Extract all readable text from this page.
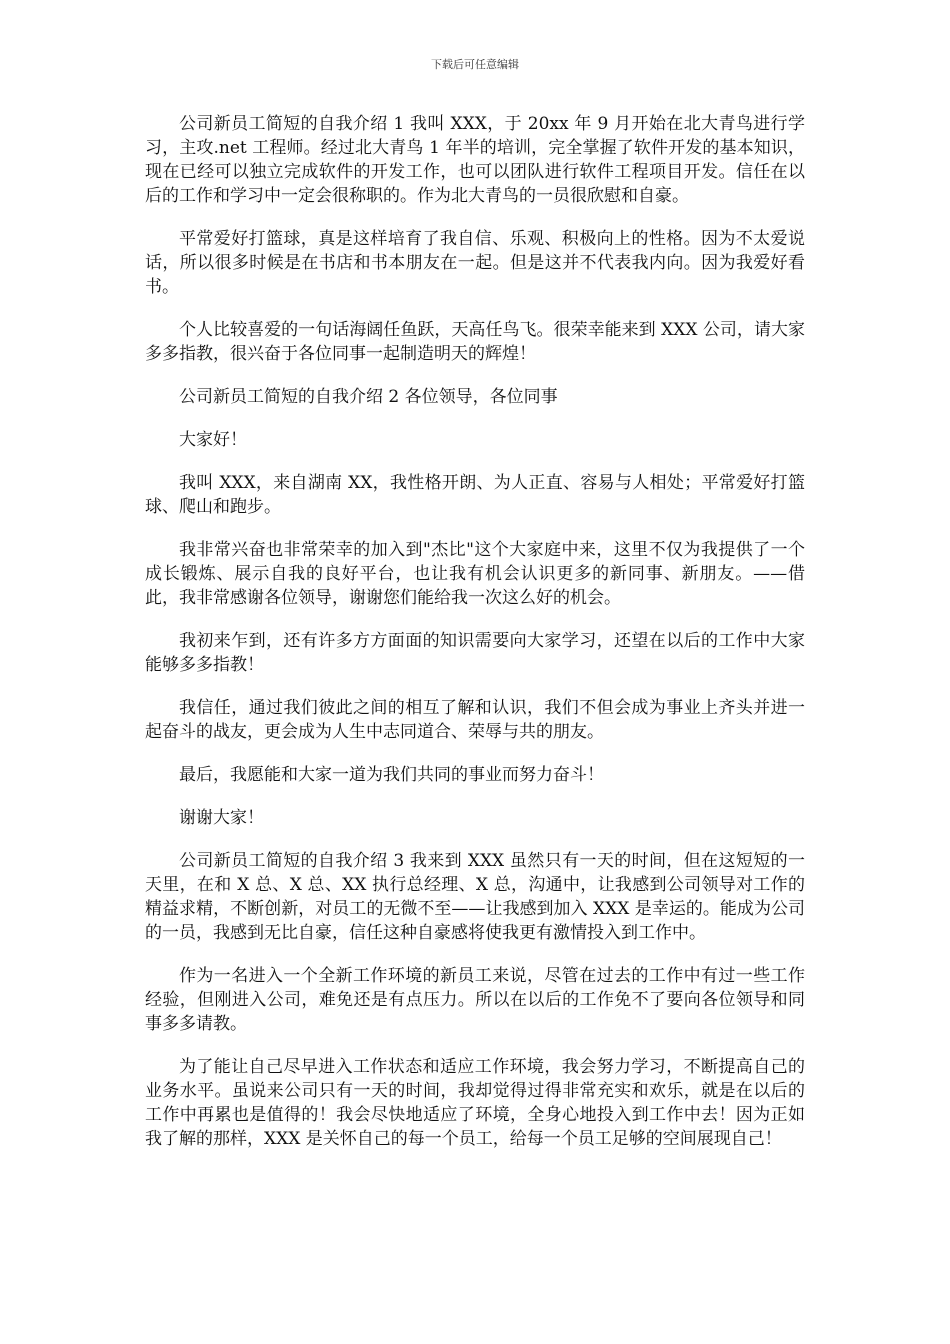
下载后可任意编辑

公司新员工简短的自我介绍 1 我叫 XXX，于 20xx 年 9 月开始在北大青鸟进行学习，主攻.net 工程师。经过北大青鸟 1 年半的培训，完全掌握了软件开发的基本知识，现在已经可以独立完成软件的开发工作，也可以团队进行软件工程项目开发。信任在以后的工作和学习中一定会很称职的。作为北大青鸟的一员很欣慰和自豪。

平常爱好打篮球，真是这样培育了我自信、乐观、积极向上的性格。因为不太爱说话，所以很多时候是在书店和书本朋友在一起。但是这并不代表我内向。因为我爱好看书。

个人比较喜爱的一句话海阔任鱼跃，天高任鸟飞。很荣幸能来到 XXX 公司，请大家多多指教，很兴奋于各位同事一起制造明天的辉煌！

公司新员工简短的自我介绍 2 各位领导，各位同事

大家好！

我叫 XXX，来自湖南 XX，我性格开朗、为人正直、容易与人相处；平常爱好打篮球、爬山和跑步。

我非常兴奋也非常荣幸的加入到"杰比"这个大家庭中来，这里不仅为我提供了一个成长锻炼、展示自我的良好平台，也让我有机会认识更多的新同事、新朋友。——借此，我非常感谢各位领导，谢谢您们能给我一次这么好的机会。

我初来乍到，还有许多方方面面的知识需要向大家学习，还望在以后的工作中大家能够多多指教！

我信任，通过我们彼此之间的相互了解和认识，我们不但会成为事业上齐头并进一起奋斗的战友，更会成为人生中志同道合、荣辱与共的朋友。

最后，我愿能和大家一道为我们共同的事业而努力奋斗！

谢谢大家！

公司新员工简短的自我介绍 3 我来到 XXX 虽然只有一天的时间，但在这短短的一天里，在和 X 总、X 总、XX 执行总经理、X 总，沟通中，让我感到公司领导对工作的精益求精，不断创新，对员工的无微不至——让我感到加入 XXX 是幸运的。能成为公司的一员，我感到无比自豪，信任这种自豪感将使我更有激情投入到工作中。

作为一名进入一个全新工作环境的新员工来说，尽管在过去的工作中有过一些工作经验，但刚进入公司，难免还是有点压力。所以在以后的工作免不了要向各位领导和同事多多请教。

为了能让自己尽早进入工作状态和适应工作环境，我会努力学习，不断提高自己的业务水平。虽说来公司只有一天的时间，我却觉得过得非常充实和欢乐，就是在以后的工作中再累也是值得的！我会尽快地适应了环境，全身心地投入到工作中去！因为正如我了解的那样，XXX 是关怀自己的每一个员工，给每一个员工足够的空间展现自己！
